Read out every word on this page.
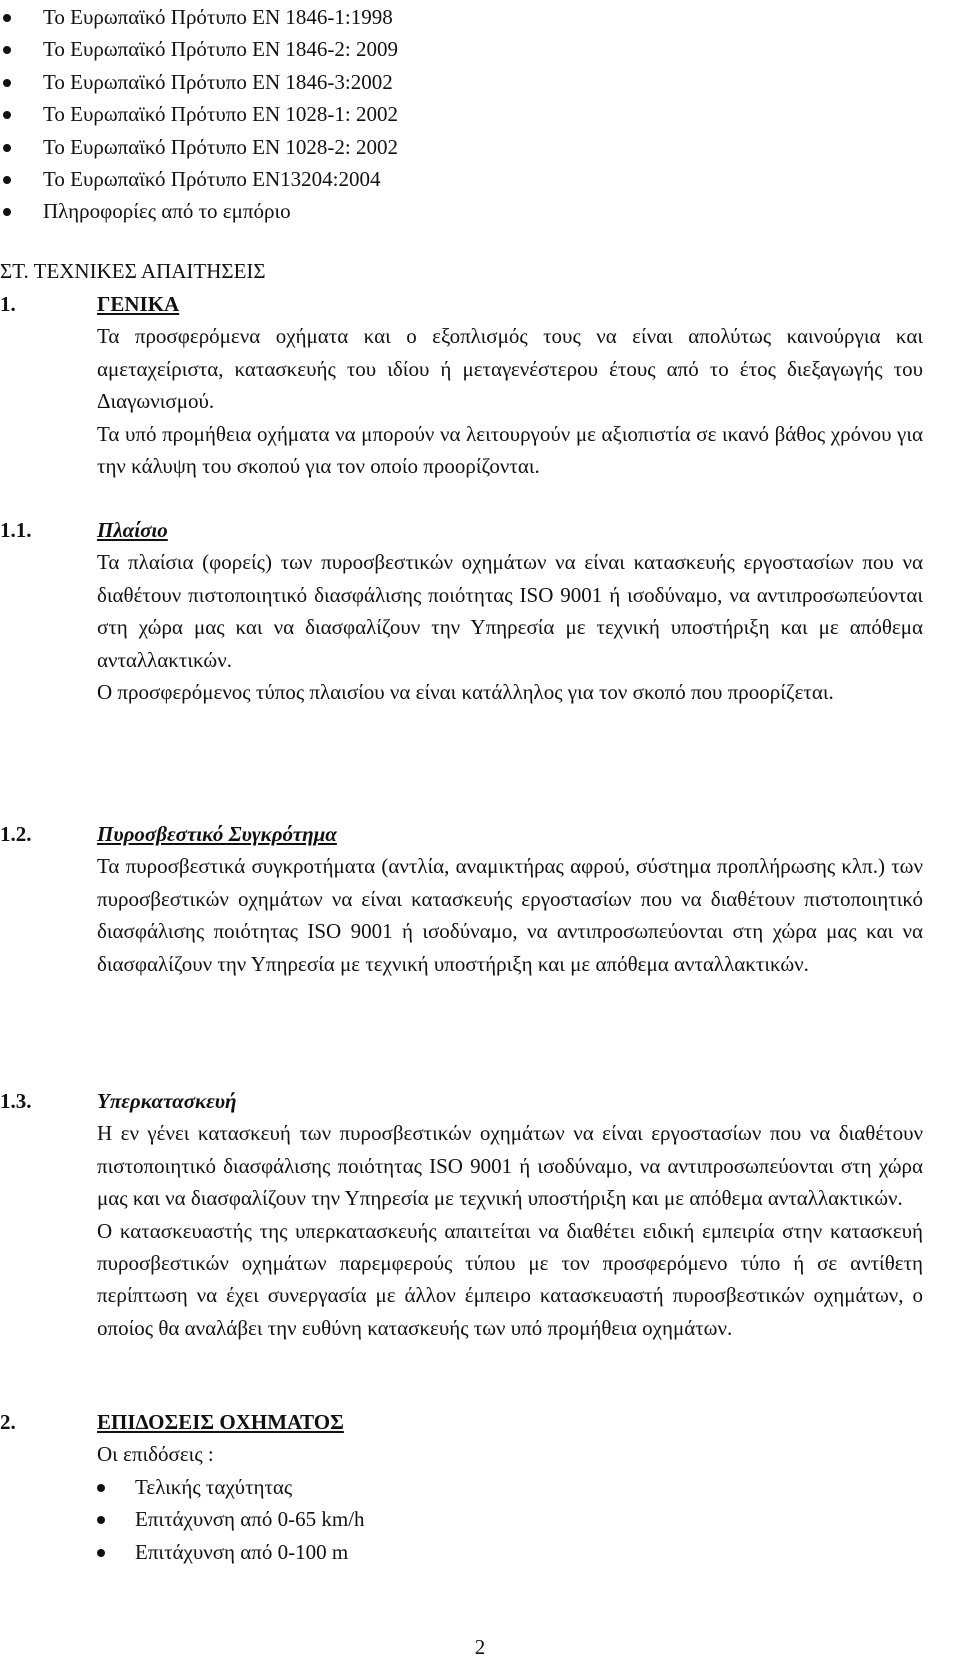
Το Ευρωπαϊκό Πρότυπο EN 1846-1:1998
Το Ευρωπαϊκό Πρότυπο EN 1846-2: 2009
Το Ευρωπαϊκό Πρότυπο EN 1846-3:2002
Το Ευρωπαϊκό Πρότυπο EN 1028-1: 2002
Το Ευρωπαϊκό Πρότυπο EN 1028-2: 2002
Το Ευρωπαϊκό Πρότυπο EN13204:2004
Πληροφορίες από το εμπόριο
ΣΤ. ΤΕΧΝΙΚΕΣ ΑΠΑΙΤΗΣΕΙΣ
1.	ΓΕΝΙΚΑ

Τα προσφερόμενα οχήματα και ο εξοπλισμός τους να είναι απολύτως καινούργια και αμεταχείριστα, κατασκευής του ιδίου ή μεταγενέστερου έτους από το έτος διεξαγωγής του Διαγωνισμού.

Τα υπό προμήθεια οχήματα να μπορούν να λειτουργούν με αξιοπιστία σε ικανό βάθος χρόνου για την κάλυψη του σκοπού για τον οποίο προορίζονται.

1.1.	Πλαίσιο

Τα πλαίσια (φορείς) των πυροσβεστικών οχημάτων να είναι κατασκευής εργοστασίων που να διαθέτουν πιστοποιητικό διασφάλισης ποιότητας ISO 9001 ή ισοδύναμο, να αντιπροσωπεύονται στη χώρα μας και να διασφαλίζουν την Υπηρεσία με τεχνική υποστήριξη και με απόθεμα ανταλλακτικών.

Ο προσφερόμενος τύπος πλαισίου να είναι κατάλληλος για τον σκοπό που προορίζεται.

1.2.	Πυροσβεστικό Συγκρότημα

Τα πυροσβεστικά συγκροτήματα (αντλία, αναμικτήρας αφρού, σύστημα προπλήρωσης κλπ.) των πυροσβεστικών οχημάτων να είναι κατασκευής εργοστασίων που να διαθέτουν πιστοποιητικό διασφάλισης ποιότητας ISO 9001 ή ισοδύναμο, να αντιπροσωπεύονται στη χώρα μας και να διασφαλίζουν την Υπηρεσία με τεχνική υποστήριξη και με απόθεμα ανταλλακτικών.

1.3.	Υπερκατασκευή

Η εν γένει κατασκευή των πυροσβεστικών οχημάτων να είναι εργοστασίων που να διαθέτουν πιστοποιητικό διασφάλισης ποιότητας ISO 9001 ή ισοδύναμο, να αντιπροσωπεύονται στη χώρα μας και να διασφαλίζουν την Υπηρεσία με τεχνική υποστήριξη και με απόθεμα ανταλλακτικών.

Ο κατασκευαστής της υπερκατασκευής απαιτείται να διαθέτει ειδική εμπειρία στην κατασκευή πυροσβεστικών οχημάτων παρεμφερούς τύπου με τον προσφερόμενο τύπο ή σε αντίθετη περίπτωση να έχει συνεργασία με άλλον έμπειρο κατασκευαστή πυροσβεστικών οχημάτων, ο οποίος θα αναλάβει την ευθύνη κατασκευής των υπό προμήθεια οχημάτων.

2.	ΕΠΙΔΟΣΕΙΣ ΟΧΗΜΑΤΟΣ

Οι επιδόσεις :

Τελικής ταχύτητας
Επιτάχυνση από 0-65 km/h
Επιτάχυνση από 0-100 m
2
